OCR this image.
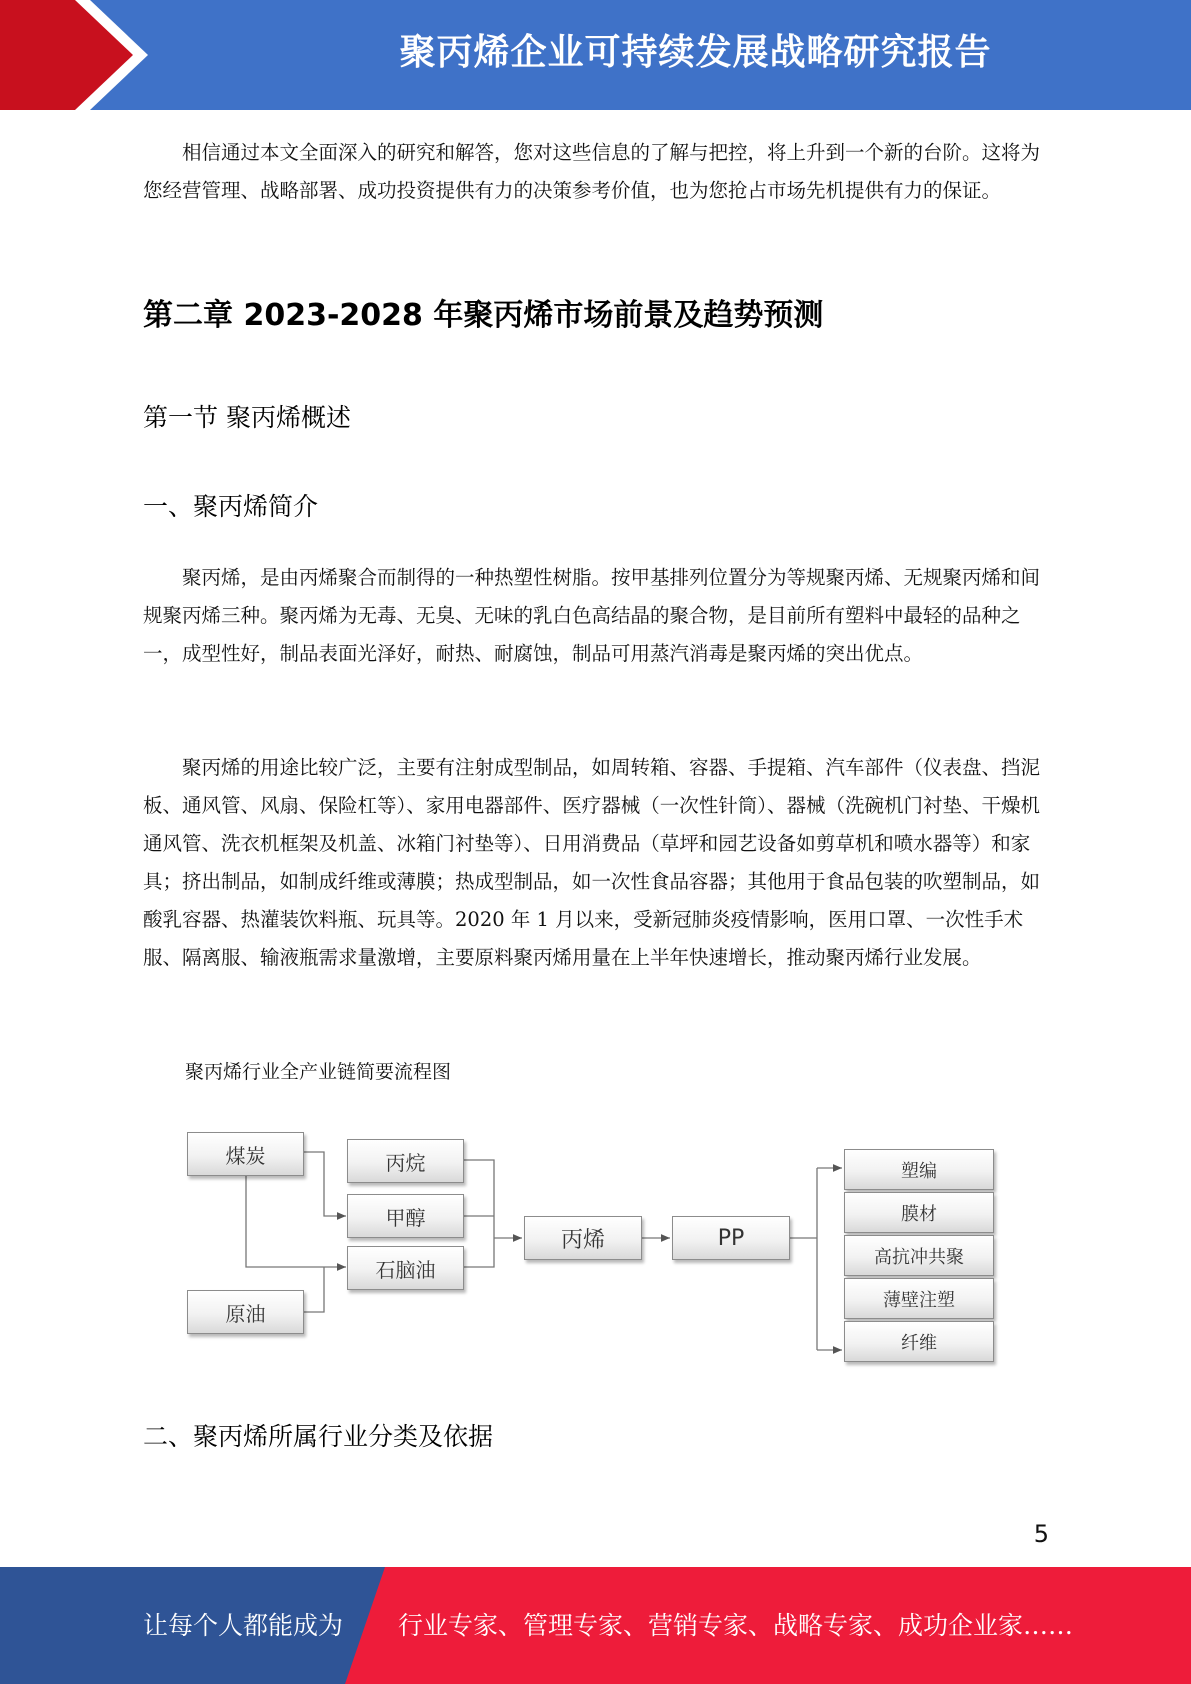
聚丙烯企业可持续发展战略研究报告

相信通过本文全面深入的研究和解答，您对这些信息的了解与把控，将上升到一个新的台阶。这将为您经营管理、战略部署、成功投资提供有力的决策参考价值，也为您抢占市场先机提供有力的保证。

第二章 2023-2028 年聚丙烯市场前景及趋势预测
第一节 聚丙烯概述
一、聚丙烯简介

聚丙烯，是由丙烯聚合而制得的一种热塑性树脂。按甲基排列位置分为等规聚丙烯、无规聚丙烯和间规聚丙烯三种。聚丙烯为无毒、无臭、无味的乳白色高结晶的聚合物，是目前所有塑料中最轻的品种之一，成型性好，制品表面光泽好，耐热、耐腐蚀，制品可用蒸汽消毒是聚丙烯的突出优点。

聚丙烯的用途比较广泛，主要有注射成型制品，如周转箱、容器、手提箱、汽车部件（仪表盘、挡泥板、通风管、风扇、保险杠等）、家用电器部件、医疗器械（一次性针筒）、器械（洗碗机门衬垫、干燥机通风管、洗衣机框架及机盖、冰箱门衬垫等）、日用消费品（草坪和园艺设备如剪草机和喷水器等）和家具；挤出制品，如制成纤维或薄膜；热成型制品，如一次性食品容器；其他用于食品包装的吹塑制品，如酸乳容器、热灌装饮料瓶、玩具等。2020 年 1 月以来，受新冠肺炎疫情影响，医用口罩、一次性手术服、隔离服、输液瓶需求量激增，主要原料聚丙烯用量在上半年快速增长，推动聚丙烯行业发展。

聚丙烯行业全产业链简要流程图

煤炭
原油
丙烷
甲醇
石脑油
丙烯	PP
塑编
膜材
高抗冲共聚
薄壁注塑
纤维
二、聚丙烯所属行业分类及依据
5
让每个人都能成为 行业专家、管理专家、营销专家、战略专家、成功企业家……
